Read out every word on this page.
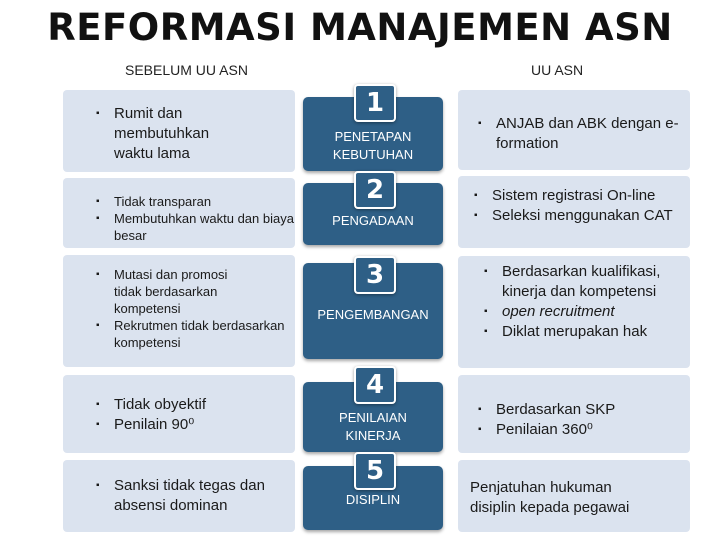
REFORMASI MANAJEMEN ASN
SEBELUM UU ASN	UU ASN
1
2
3
4
5
PENETAPAN
KEBUTUHAN
PENGADAAN
PENGEMBANGAN
PENILAIAN
KINERJA
DISIPLIN
▪ Rumit dan membutuhkan waktu lama
▪ Tidak transparan
▪ Membutuhkan waktu dan biaya besar
▪ Mutasi dan promosi tidak berdasarkan kompetensi
▪ Rekrutmen tidak berdasarkan kompetensi
▪ Tidak obyektif
▪ Penilain 90⁰
▪ Sanksi tidak tegas dan absensi dominan
▪ ANJAB dan ABK dengan e-formation
▪ Sistem registrasi On-line
▪ Seleksi menggunakan CAT
▪ Berdasarkan kualifikasi, kinerja dan kompetensi
▪ open recruitment
▪ Diklat merupakan hak
▪ Berdasarkan SKP
▪ Penilaian 360⁰
Penjatuhan hukuman disiplin kepada pegawai
